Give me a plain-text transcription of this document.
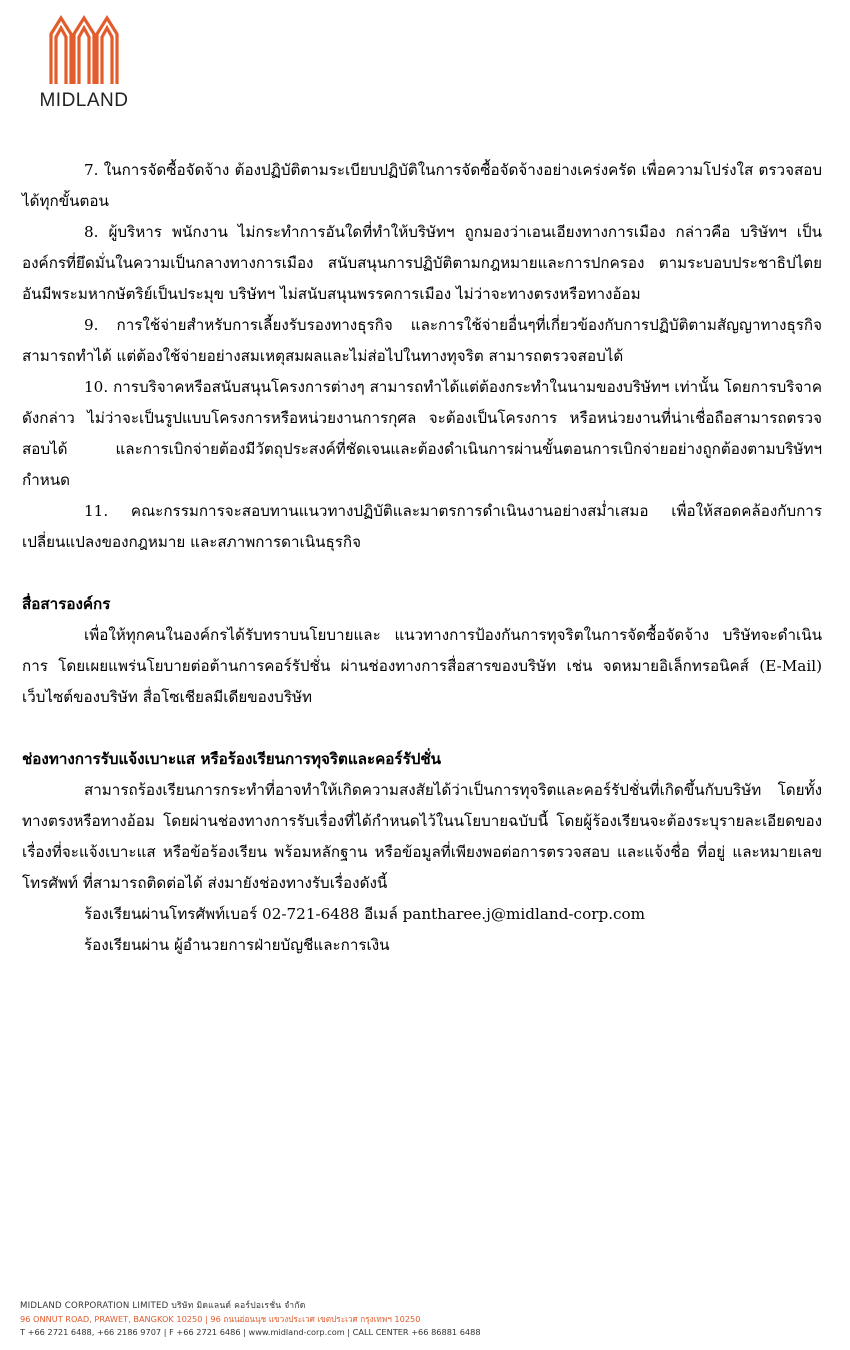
MIDLAND

7. ในการจัดซื้อจัดจ้าง ต้องปฏิบัติตามระเบียบปฏิบัติในการจัดซื้อจัดจ้างอย่างเคร่งครัด เพื่อความโปร่งใส ตรวจสอบได้ทุกขั้นตอน

8. ผู้บริหาร พนักงาน ไม่กระทำการอันใดที่ทำให้บริษัทฯ ถูกมองว่าเอนเอียงทางการเมือง กล่าวคือ บริษัทฯ เป็นองค์กรที่ยึดมั่นในความเป็นกลางทางการเมือง สนับสนุนการปฏิบัติตามกฎหมายและการปกครอง ตามระบอบประชาธิปไตยอันมีพระมหากษัตริย์เป็นประมุข บริษัทฯ ไม่สนับสนุนพรรคการเมือง ไม่ว่าจะทางตรงหรือทางอ้อม

9. การใช้จ่ายสำหรับการเลี้ยงรับรองทางธุรกิจ และการใช้จ่ายอื่นๆที่เกี่ยวข้องกับการปฏิบัติตามสัญญาทางธุรกิจสามารถทำได้ แต่ต้องใช้จ่ายอย่างสมเหตุสมผลและไม่ส่อไปในทางทุจริต สามารถตรวจสอบได้

10. การบริจาคหรือสนับสนุนโครงการต่างๆ สามารถทำได้แต่ต้องกระทำในนามของบริษัทฯ เท่านั้น โดยการบริจาคดังกล่าว ไม่ว่าจะเป็นรูปแบบโครงการหรือหน่วยงานการกุศล จะต้องเป็นโครงการ หรือหน่วยงานที่น่าเชื่อถือสามารถตรวจสอบได้ และการเบิกจ่ายต้องมีวัตถุประสงค์ที่ชัดเจนและต้องดำเนินการผ่านขั้นตอนการเบิกจ่ายอย่างถูกต้องตามบริษัทฯ กำหนด

11. คณะกรรมการจะสอบทานแนวทางปฏิบัติและมาตรการดำเนินงานอย่างสม่ำเสมอ เพื่อให้สอดคล้องกับการเปลี่ยนแปลงของกฎหมาย และสภาพการดาเนินธุรกิจ

สื่อสารองค์กร

เพื่อให้ทุกคนในองค์กรได้รับทราบนโยบายและ แนวทางการป้องกันการทุจริตในการจัดซื้อจัดจ้าง บริษัทจะดำเนินการ โดยเผยแพร่นโยบายต่อต้านการคอร์รัปชั่น ผ่านช่องทางการสื่อสารของบริษัท เช่น จดหมายอิเล็กทรอนิคส์ (E-Mail) เว็บไซต์ของบริษัท สื่อโซเชียลมีเดียของบริษัท

ช่องทางการรับแจ้งเบาะแส หรือร้องเรียนการทุจริตและคอร์รัปชั่น

สามารถร้องเรียนการกระทำที่อาจทำให้เกิดความสงสัยได้ว่าเป็นการทุจริตและคอร์รัปชั่นที่เกิดขึ้นกับบริษัท โดยทั้งทางตรงหรือทางอ้อม โดยผ่านช่องทางการรับเรื่องที่ได้กำหนดไว้ในนโยบายฉบับนี้ โดยผู้ร้องเรียนจะต้องระบุรายละเอียดของเรื่องที่จะแจ้งเบาะแส หรือข้อร้องเรียน พร้อมหลักฐาน หรือข้อมูลที่เพียงพอต่อการตรวจสอบ และแจ้งชื่อ ที่อยู่ และหมายเลขโทรศัพท์ ที่สามารถติดต่อได้ ส่งมายังช่องทางรับเรื่องดังนี้

ร้องเรียนผ่านโทรศัพท์เบอร์ 02-721-6488 อีเมล์ pantharee.j@midland-corp.com

ร้องเรียนผ่าน ผู้อำนวยการฝ่ายบัญชีและการเงิน

MIDLAND CORPORATION LIMITED บริษัท มิดแลนด์ คอร์ปอเรชั่น จำกัด
96 ONNUT ROAD, PRAWET, BANGKOK 10250 | 96 ถนนอ่อนนุช แขวงประเวศ เขตประเวศ กรุงเทพฯ 10250
T +66 2721 6488, +66 2186 9707 | F +66 2721 6486 | www.midland-corp.com | CALL CENTER +66 86881 6488
